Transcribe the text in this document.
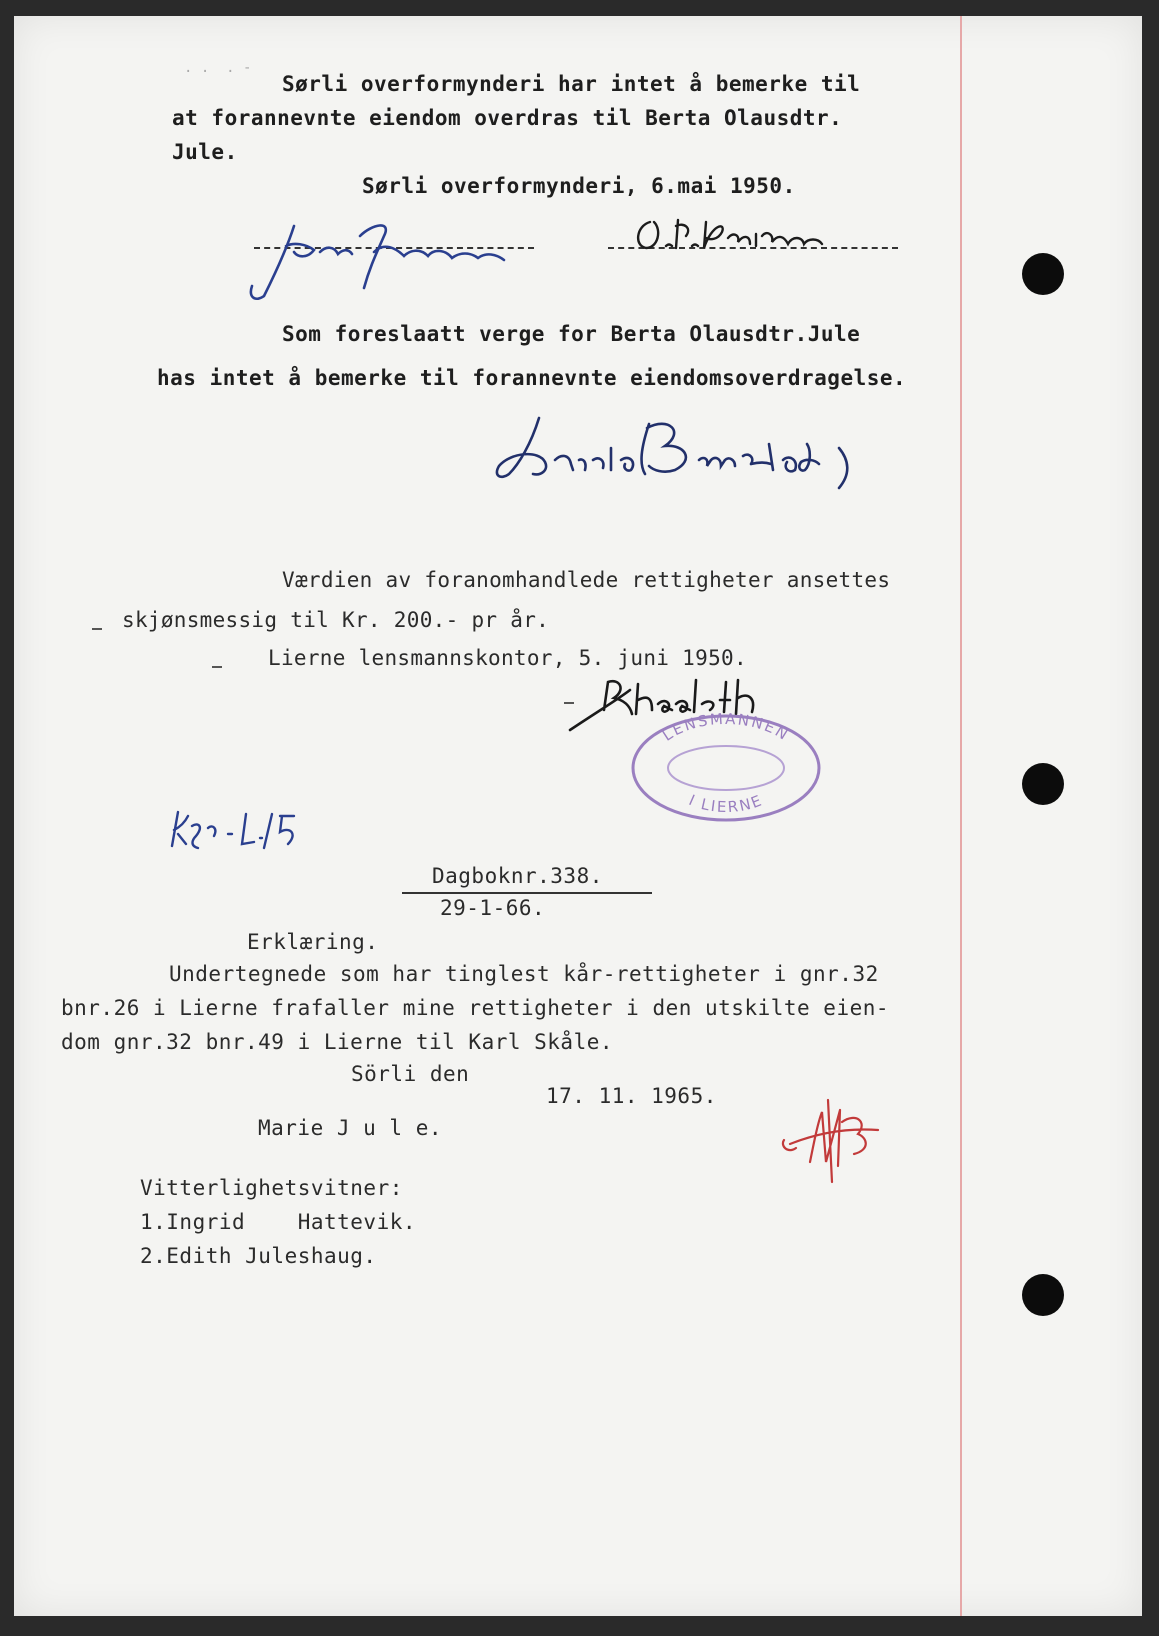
. .  . -
Sørli overformynderi har intet å bemerke til
at forannevnte eiendom overdras til Berta Olausdtr.
Jule.
Sørli overformynderi, 6.mai 1950.
Som foreslaatt verge for Berta Olausdtr.Jule
has intet å bemerke til forannevnte eiendomsoverdragelse.
Værdien av foranomhandlede rettigheter ansettes
skjønsmessig til Kr. 200.- pr år.
Lierne lensmannskontor, 5. juni 1950.
LENSMANNEN
I LIERNE
Dagboknr.338.
29-1-66.
Erklæring.
Undertegnede som har tinglest kår-rettigheter i gnr.32
bnr.26 i Lierne frafaller mine rettigheter i den utskilte eien-
dom gnr.32 bnr.49 i Lierne til Karl Skåle.
Sörli den
17. 11. 1965.
Marie J u l e.
Vitterlighetsvitner:
1.Ingrid    Hattevik.
2.Edith Juleshaug.
